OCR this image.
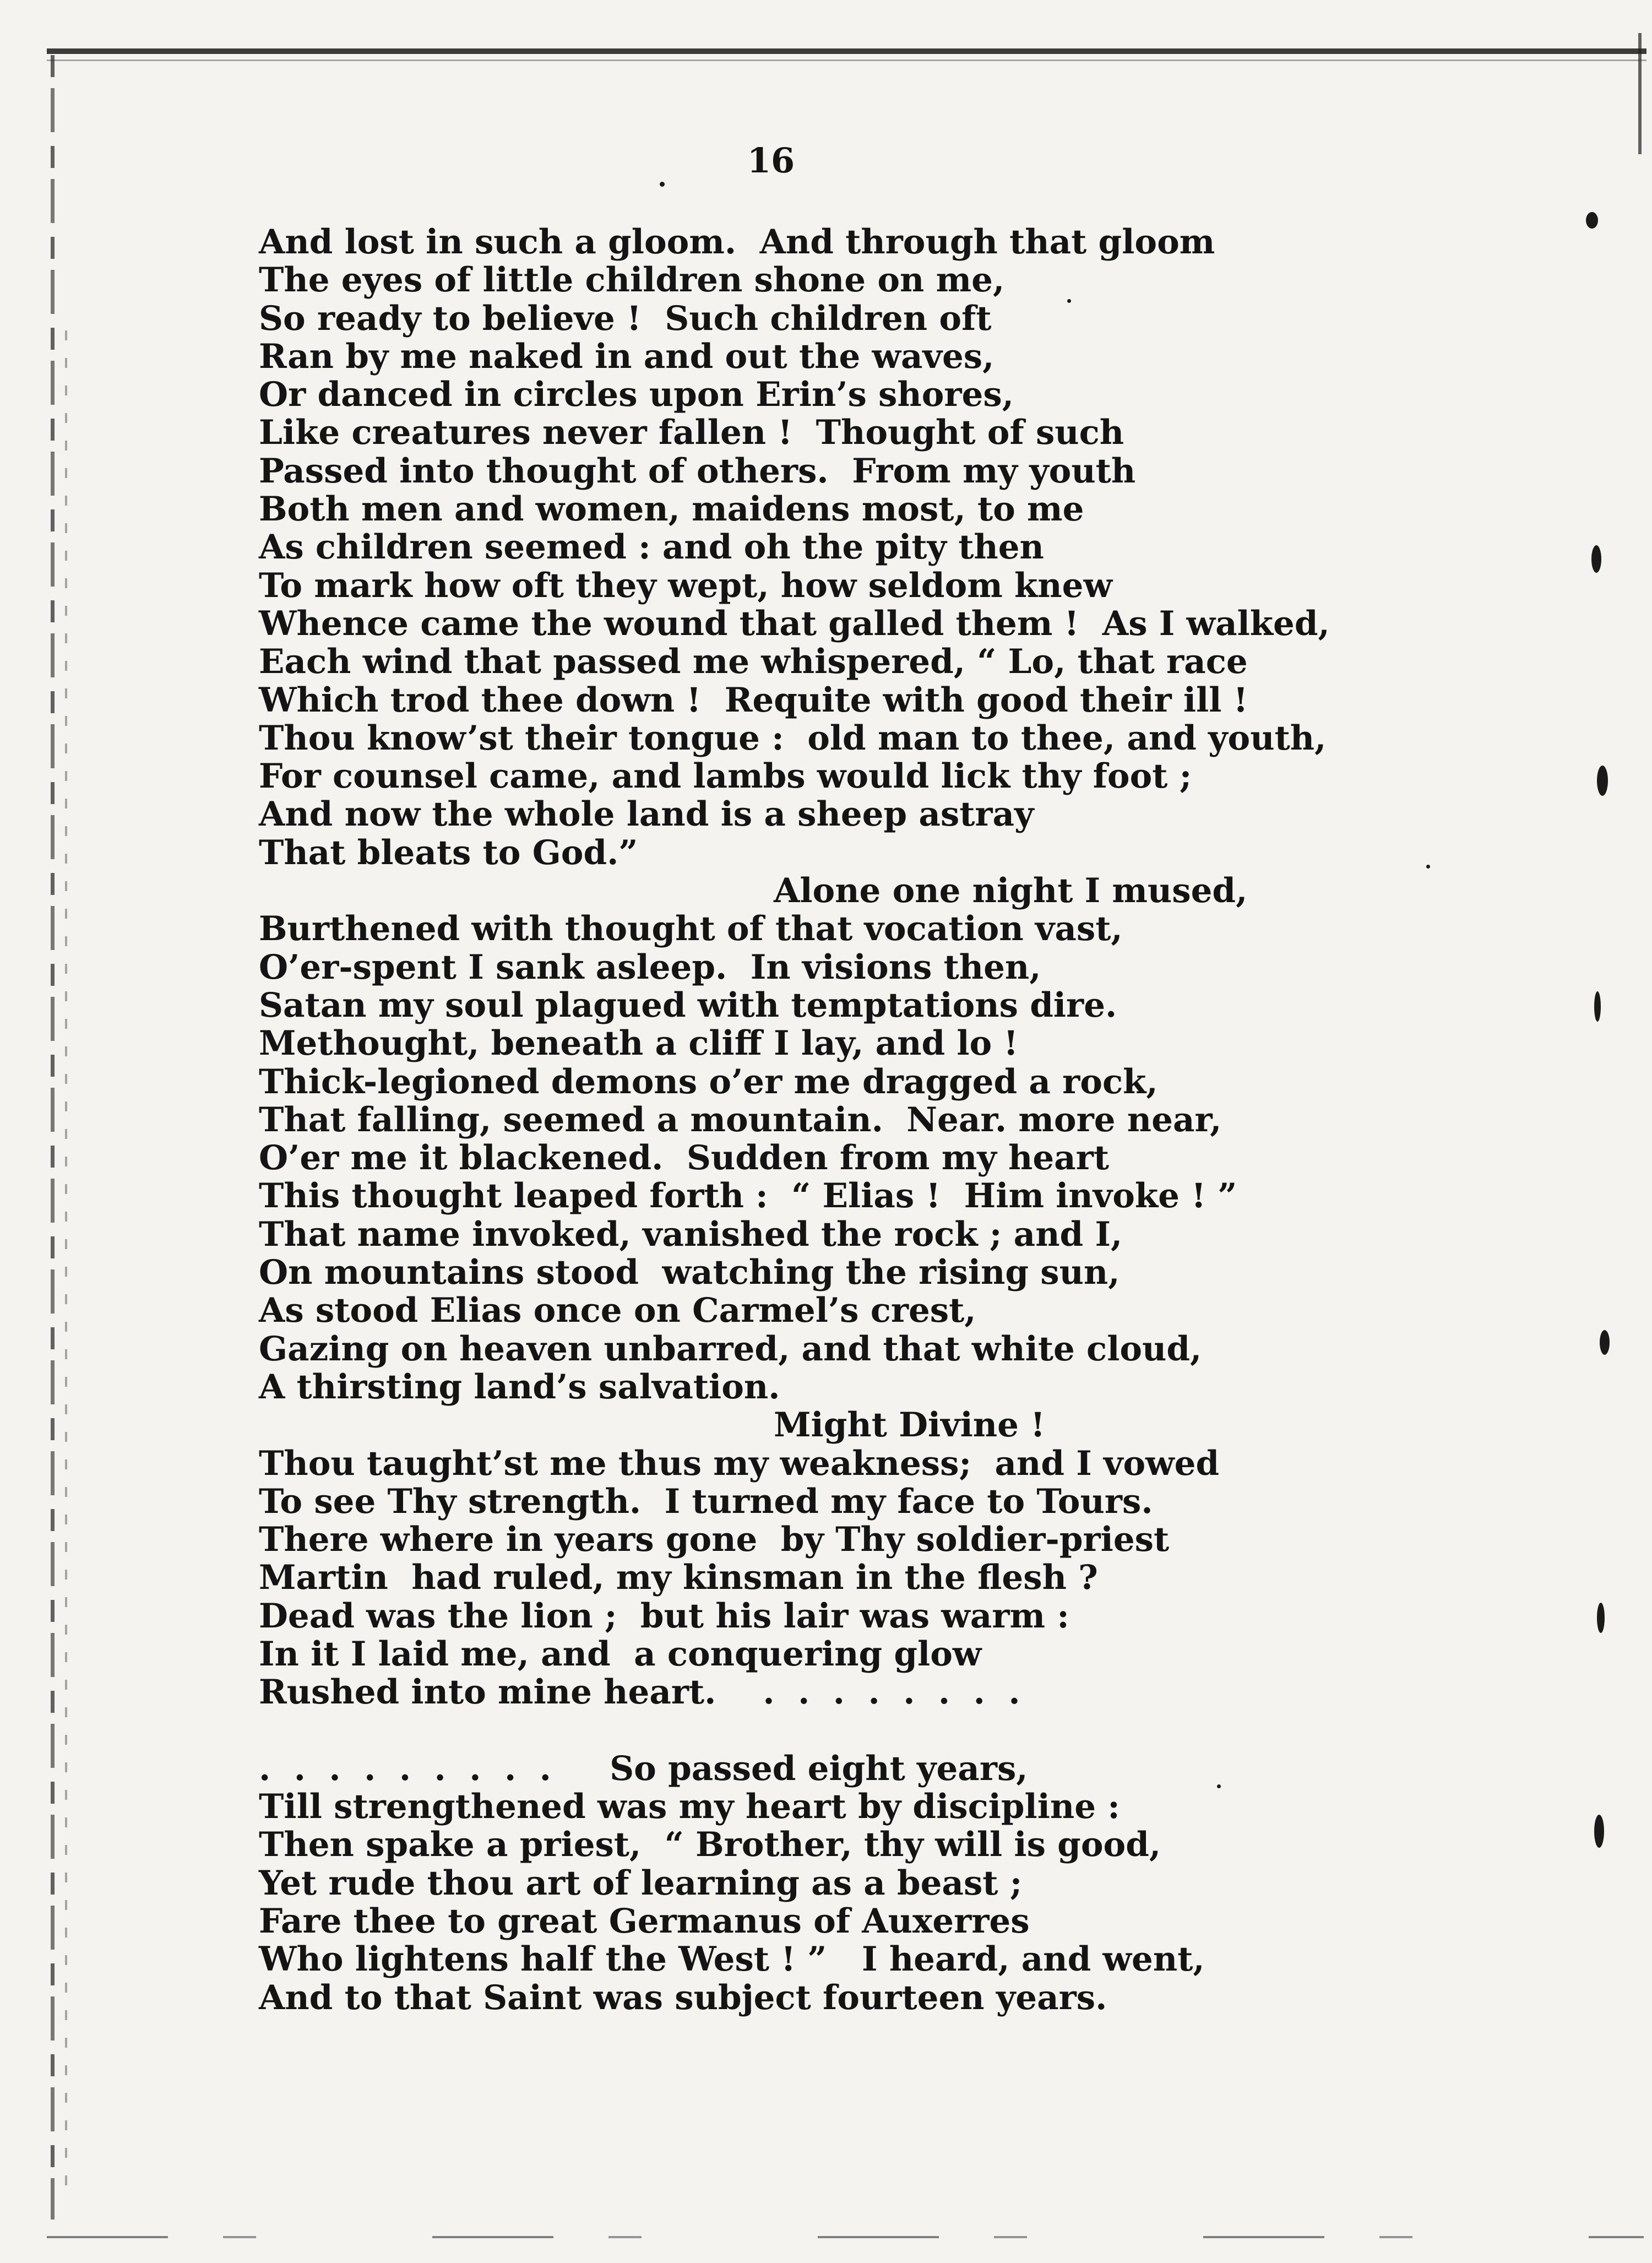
16
And lost in such a gloom.  And through that gloom
The eyes of little children shone on me,
So ready to believe !  Such children oft
Ran by me naked in and out the waves,
Or danced in circles upon Erin’s shores,
Like creatures never fallen !  Thought of such
Passed into thought of others.  From my youth
Both men and women, maidens most, to me
As children seemed : and oh the pity then
To mark how oft they wept, how seldom knew
Whence came the wound that galled them !  As I walked,
Each wind that passed me whispered, “ Lo, that race
Which trod thee down !  Requite with good their ill !
Thou know’st their tongue :  old man to thee, and youth,
For counsel came, and lambs would lick thy foot ;
And now the whole land is a sheep astray
That bleats to God.”
Alone one night I mused,
Burthened with thought of that vocation vast,
O’er-spent I sank asleep.  In visions then,
Satan my soul plagued with temptations dire.
Methought, beneath a cliff I lay, and lo !
Thick-legioned demons o’er me dragged a rock,
That falling, seemed a mountain.  Near. more near,
O’er me it blackened.  Sudden from my heart
This thought leaped forth :  “ Elias !  Him invoke ! ”
That name invoked, vanished the rock ; and I,
On mountains stood  watching the rising sun,
As stood Elias once on Carmel’s crest,
Gazing on heaven unbarred, and that white cloud,
A thirsting land’s salvation.
Might Divine !
Thou taught’st me thus my weakness;  and I vowed
To see Thy strength.  I turned my face to Tours.
There where in years gone  by Thy soldier-priest
Martin  had ruled, my kinsman in the flesh ?
Dead was the lion ;  but his lair was warm :
In it I laid me, and  a conquering glow
Rushed into mine heart.    .  .  .  .  .  .  .  .
.  .  .  .  .  .  .  .  .     So passed eight years,
Till strengthened was my heart by discipline :
Then spake a priest,  “ Brother, thy will is good,
Yet rude thou art of learning as a beast ;
Fare thee to great Germanus of Auxerres
Who lightens half the West ! ”   I heard, and went,
And to that Saint was subject fourteen years.
